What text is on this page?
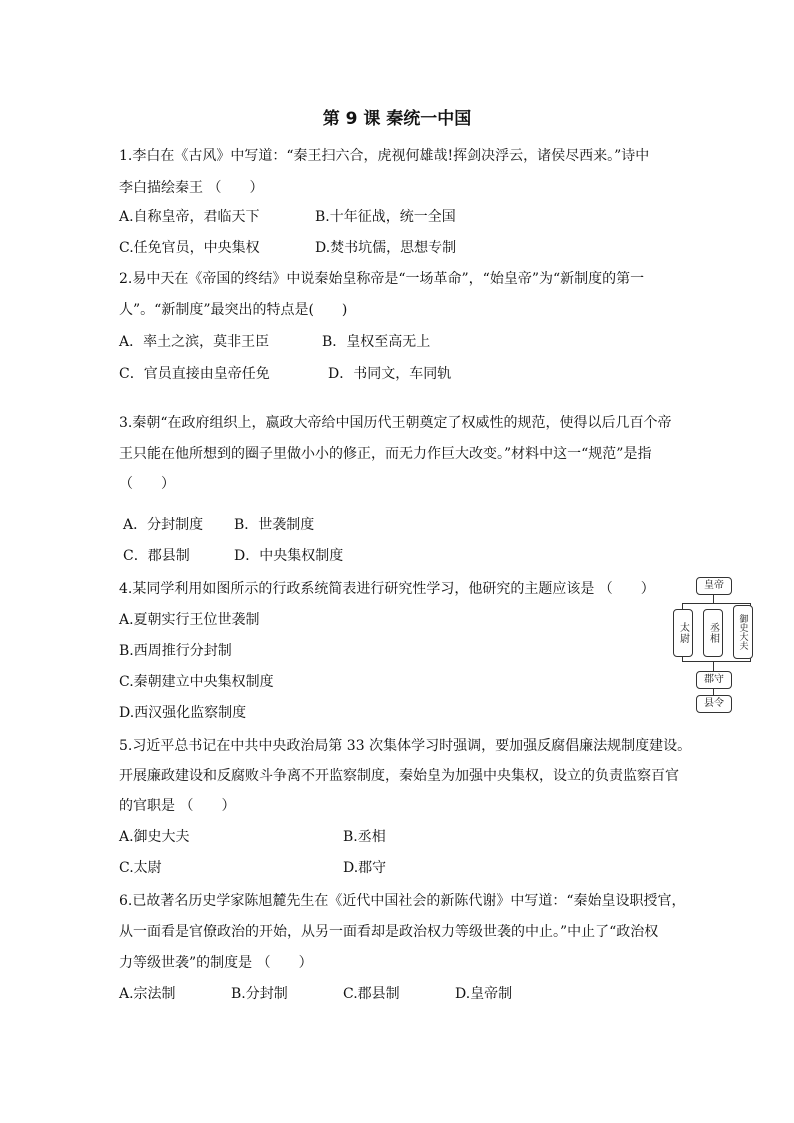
第 9 课 秦统一中国
1.李白在《古风》中写道：“秦王扫六合，虎视何雄哉!挥剑决浮云，诸侯尽西来。”诗中
李白描绘秦王 （　　）
A.自称皇帝，君临天下	B.十年征战，统一全国
C.任免官员，中央集权	D.焚书坑儒，思想专制
2.易中天在《帝国的终结》中说秦始皇称帝是“一场革命”，“始皇帝”为“新制度的第一
人”。“新制度”最突出的特点是(　　)
A．率土之滨，莫非王臣	B．皇权至高无上
C．官员直接由皇帝任免	D．书同文，车同轨
3.秦朝“在政府组织上，嬴政大帝给中国历代王朝奠定了权威性的规范，使得以后几百个帝
王只能在他所想到的圈子里做小小的修正，而无力作巨大改变。”材料中这一“规范”是指
（　　）
A．分封制度 B．世袭制度
C．郡县制	D．中央集权制度
4.某同学利用如图所示的行政系统简表进行研究性学习，他研究的主题应该是 （　　）
A.夏朝实行王位世袭制
B.西周推行分封制
C.秦朝建立中央集权制度
D.西汉强化监察制度
皇帝
太尉	丞相	御史大夫
郡守
县令
5.习近平总书记在中共中央政治局第 33 次集体学习时强调，要加强反腐倡廉法规制度建设。
开展廉政建设和反腐败斗争离不开监察制度，秦始皇为加强中央集权，设立的负责监察百官
的官职是 （　　）
A.御史大夫	B.丞相
C.太尉	D.郡守
6.已故著名历史学家陈旭麓先生在《近代中国社会的新陈代谢》中写道：“秦始皇设职授官，
从一面看是官僚政治的开始，从另一面看却是政治权力等级世袭的中止。”中止了“政治权
力等级世袭”的制度是 （　　）
A.宗法制	B.分封制	C.郡县制	D.皇帝制
